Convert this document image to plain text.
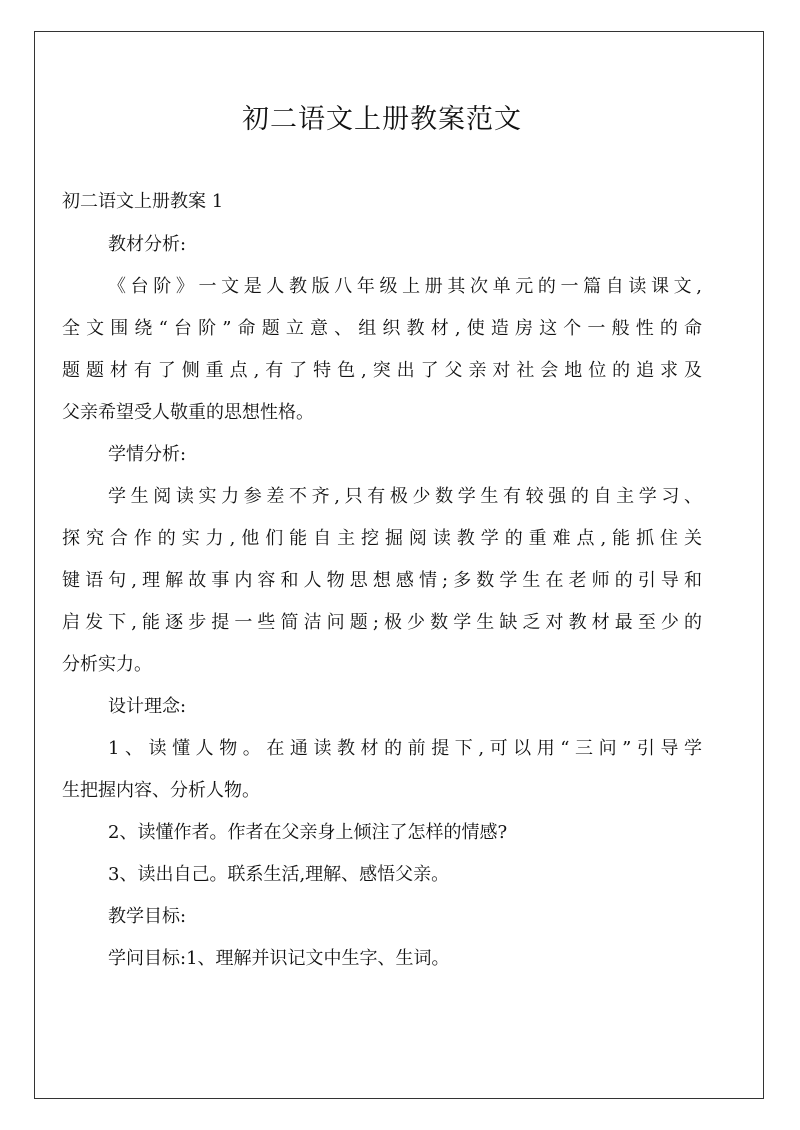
初二语文上册教案范文
初二语文上册教案 1
教材分析:
《台阶》一文是人教版八年级上册其次单元的一篇自读课文,
全文围绕“台阶”命题立意、组织教材,使造房这个一般性的命
题题材有了侧重点,有了特色,突出了父亲对社会地位的追求及
父亲希望受人敬重的思想性格。
学情分析:
学生阅读实力参差不齐,只有极少数学生有较强的自主学习、
探究合作的实力,他们能自主挖掘阅读教学的重难点,能抓住关
键语句,理解故事内容和人物思想感情;多数学生在老师的引导和
启发下,能逐步提一些简洁问题;极少数学生缺乏对教材最至少的
分析实力。
设计理念:
1、读懂人物。在通读教材的前提下,可以用“三问”引导学
生把握内容、分析人物。
2、读懂作者。作者在父亲身上倾注了怎样的情感?
3、读出自己。联系生活,理解、感悟父亲。
教学目标:
学问目标:1、理解并识记文中生字、生词。
